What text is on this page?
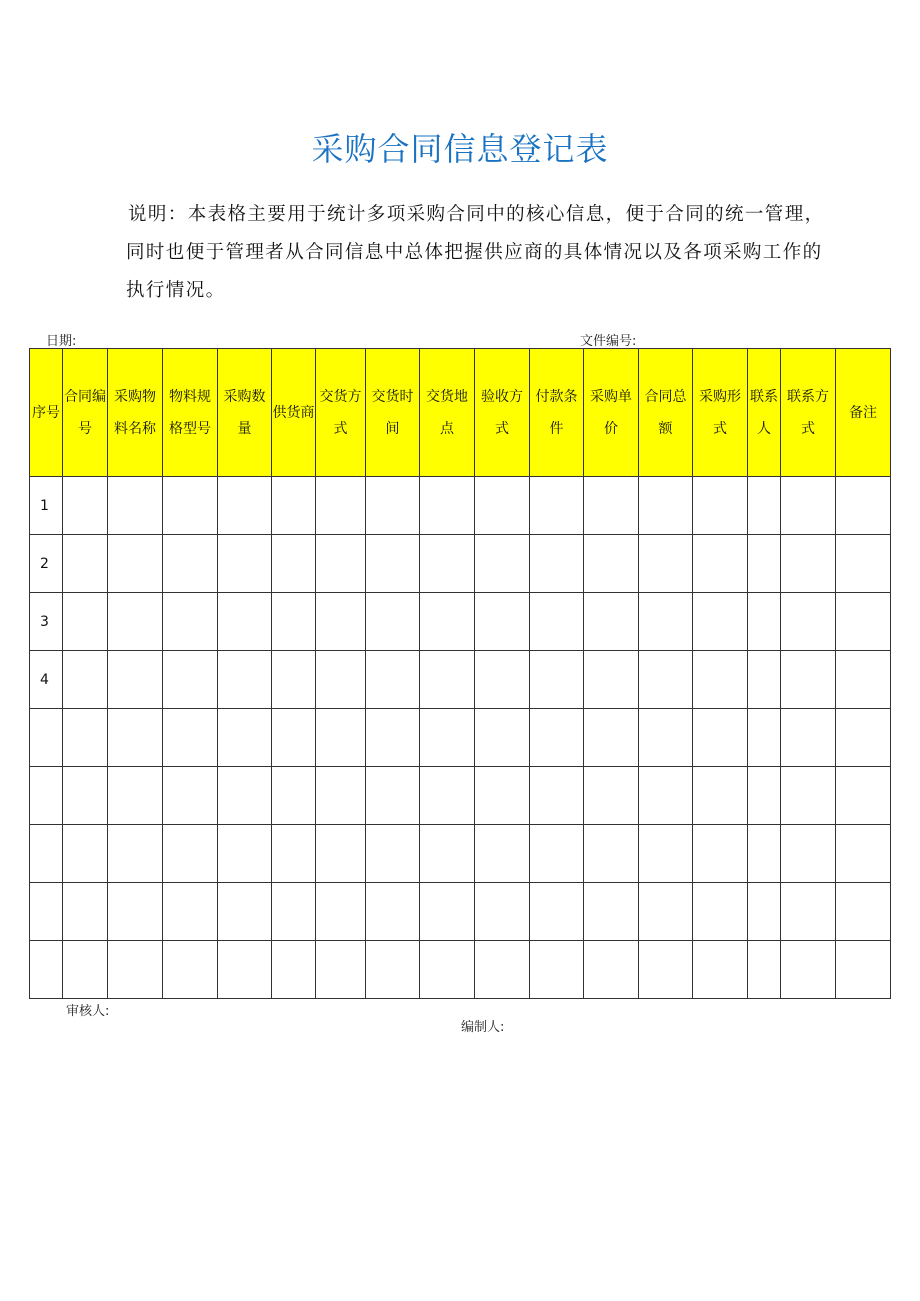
采购合同信息登记表

说明：本表格主要用于统计多项采购合同中的核心信息，便于合同的统一管理，

同时也便于管理者从合同信息中总体把握供应商的具体情况以及各项采购工作的

执行情况。

日期:	文件编号:
序号	合同编号	采购物料名称	物料规格型号	采购数量	供货商	交货方式	交货时间	交货地点	验收方式	付款条件	采购单价	合同总额	采购形式	联系人	联系方式	备注
1																
2																
3																
4																

审核人:
编制人:
